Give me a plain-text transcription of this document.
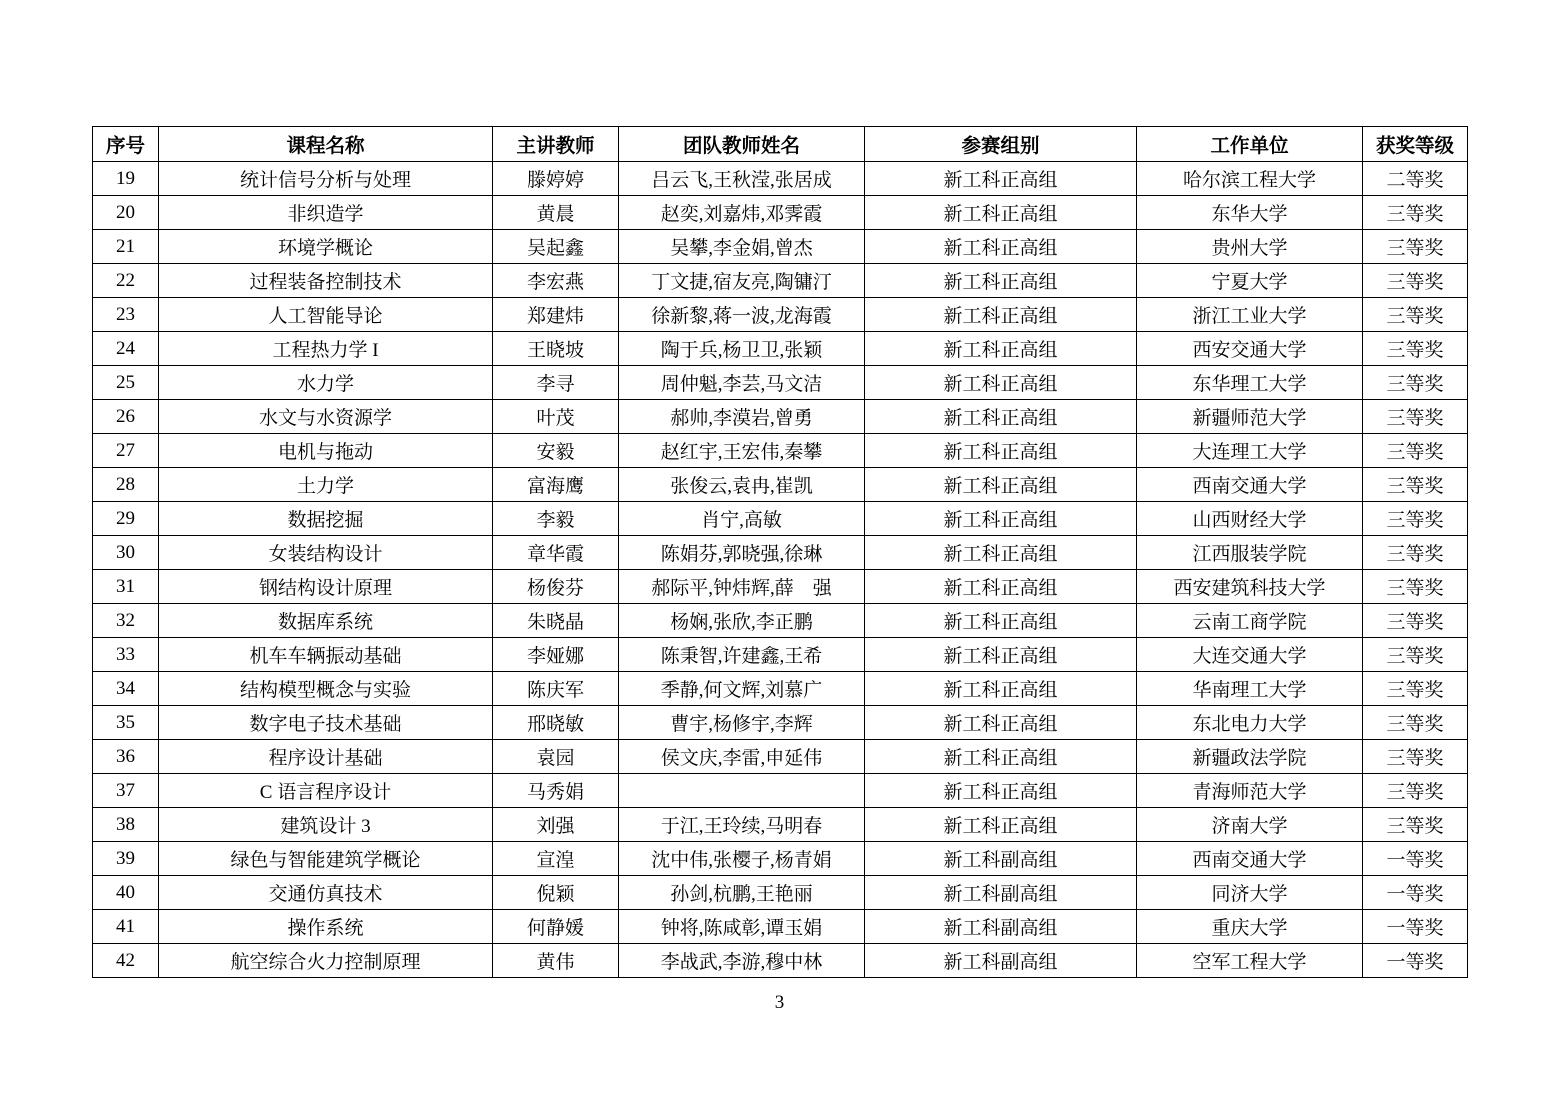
序号	课程名称	主讲教师	团队教师姓名	参赛组别	工作单位	获奖等级
19	统计信号分析与处理	滕婷婷	吕云飞,王秋滢,张居成	新工科正高组	哈尔滨工程大学	二等奖
20	非织造学	黄晨	赵奕,刘嘉炜,邓霁霞	新工科正高组	东华大学	三等奖
21	环境学概论	吴起鑫	吴攀,李金娟,曾杰	新工科正高组	贵州大学	三等奖
22	过程装备控制技术	李宏燕	丁文捷,宿友亮,陶镛汀	新工科正高组	宁夏大学	三等奖
23	人工智能导论	郑建炜	徐新黎,蒋一波,龙海霞	新工科正高组	浙江工业大学	三等奖
24	工程热力学 I	王晓坡	陶于兵,杨卫卫,张颖	新工科正高组	西安交通大学	三等奖
25	水力学	李寻	周仲魁,李芸,马文洁	新工科正高组	东华理工大学	三等奖
26	水文与水资源学	叶茂	郝帅,李漠岩,曾勇	新工科正高组	新疆师范大学	三等奖
27	电机与拖动	安毅	赵红宇,王宏伟,秦攀	新工科正高组	大连理工大学	三等奖
28	土力学	富海鹰	张俊云,袁冉,崔凯	新工科正高组	西南交通大学	三等奖
29	数据挖掘	李毅	肖宁,高敏	新工科正高组	山西财经大学	三等奖
30	女装结构设计	章华霞	陈娟芬,郭晓强,徐琳	新工科正高组	江西服装学院	三等奖
31	钢结构设计原理	杨俊芬	郝际平,钟炜辉,薛　强	新工科正高组	西安建筑科技大学	三等奖
32	数据库系统	朱晓晶	杨娴,张欣,李正鹏	新工科正高组	云南工商学院	三等奖
33	机车车辆振动基础	李娅娜	陈秉智,许建鑫,王希	新工科正高组	大连交通大学	三等奖
34	结构模型概念与实验	陈庆军	季静,何文辉,刘慕广	新工科正高组	华南理工大学	三等奖
35	数字电子技术基础	邢晓敏	曹宇,杨修宇,李辉	新工科正高组	东北电力大学	三等奖
36	程序设计基础	袁园	侯文庆,李雷,申延伟	新工科正高组	新疆政法学院	三等奖
37	C 语言程序设计	马秀娟		新工科正高组	青海师范大学	三等奖
38	建筑设计 3	刘强	于江,王玲续,马明春	新工科正高组	济南大学	三等奖
39	绿色与智能建筑学概论	宣湟	沈中伟,张樱子,杨青娟	新工科副高组	西南交通大学	一等奖
40	交通仿真技术	倪颖	孙剑,杭鹏,王艳丽	新工科副高组	同济大学	一等奖
41	操作系统	何静媛	钟将,陈咸彰,谭玉娟	新工科副高组	重庆大学	一等奖
42	航空综合火力控制原理	黄伟	李战武,李游,穆中林	新工科副高组	空军工程大学	一等奖
3
